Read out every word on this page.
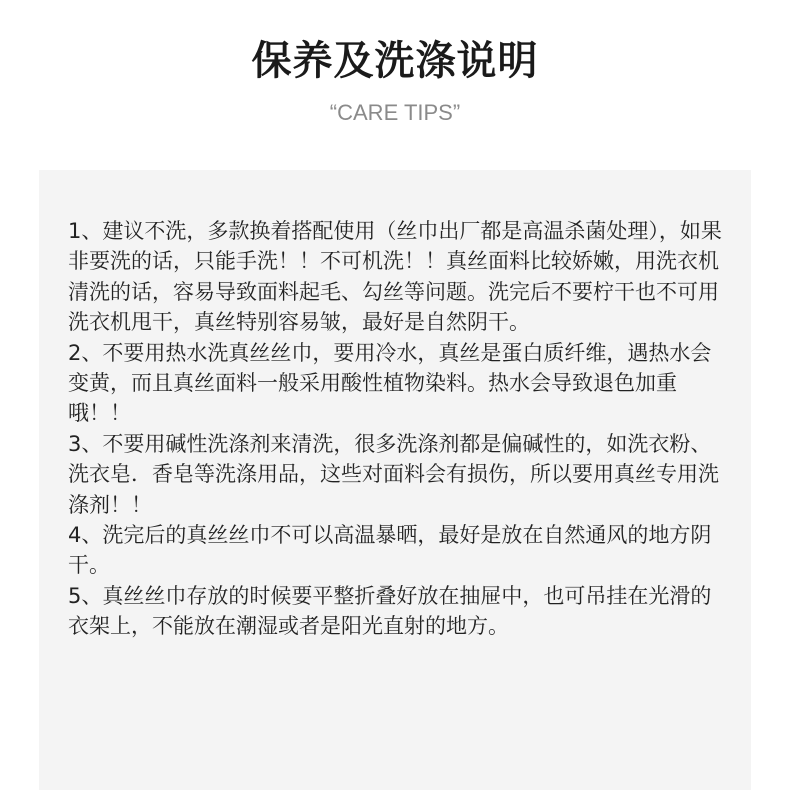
保养及洗涤说明
“CARE TIPS”

1、建议不洗，多款换着搭配使用（丝巾出厂都是高温杀菌处理），如果非要洗的话，只能手洗！！不可机洗！！真丝面料比较娇嫩，用洗衣机清洗的话，容易导致面料起毛、勾丝等问题。洗完后不要柠干也不可用洗衣机甩干，真丝特别容易皱，最好是自然阴干。

2、不要用热水洗真丝丝巾，要用冷水，真丝是蛋白质纤维，遇热水会变黄，而且真丝面料一般采用酸性植物染料。热水会导致退色加重哦！！

3、不要用碱性洗涤剂来清洗，很多洗涤剂都是偏碱性的，如洗衣粉、洗衣皂．香皂等洗涤用品，这些对面料会有损伤，所以要用真丝专用洗涤剂！！

4、洗完后的真丝丝巾不可以高温暴晒，最好是放在自然通风的地方阴干。

5、真丝丝巾存放的时候要平整折叠好放在抽屉中，也可吊挂在光滑的衣架上，不能放在潮湿或者是阳光直射的地方。
